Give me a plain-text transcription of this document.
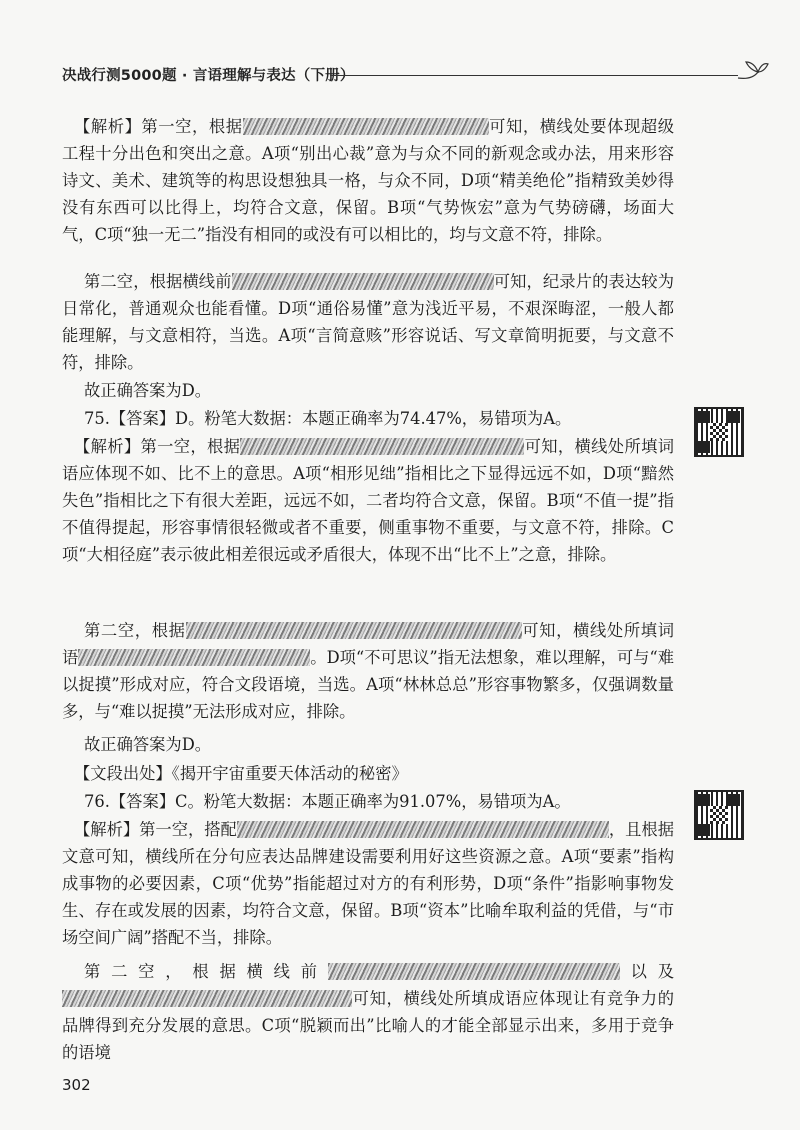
决战行测5000题 · 言语理解与表达（下册）
【解析】第一空，根据	可知，横线处要体现超级工程十分出色和突出之意。A项“别出心裁”意为与众不同的新观念或办法，用来形容诗文、美术、建筑等的构思设想独具一格，与众不同，D项“精美绝伦”指精致美妙得没有东西可以比得上，均符合文意，保留。B项“气势恢宏”意为气势磅礴，场面大气，C项“独一无二”指没有相同的或没有可以相比的，均与文意不符，排除。
第二空，根据横线前	可知，纪录片的表达较为日常化，普通观众也能看懂。D项“通俗易懂”意为浅近平易，不艰深晦涩，一般人都能理解，与文意相符，当选。A项“言简意赅”形容说话、写文章简明扼要，与文意不符，排除。
故正确答案为D。
75.【答案】D。粉笔大数据：本题正确率为74.47%，易错项为A。
【解析】第一空，根据	可知，横线处所填词语应体现不如、比不上的意思。A项“相形见绌”指相比之下显得远远不如，D项“黯然失色”指相比之下有很大差距，远远不如，二者均符合文意，保留。B项“不值一提”指不值得提起，形容事情很轻微或者不重要，侧重事物不重要，与文意不符，排除。C项“大相径庭”表示彼此相差很远或矛盾很大，体现不出“比不上”之意，排除。
第二空，根据	可知，横线处所填词语	。D项“不可思议”指无法想象，难以理解，可与“难以捉摸”形成对应，符合文段语境，当选。A项“林林总总”形容事物繁多，仅强调数量多，与“难以捉摸”无法形成对应，排除。
故正确答案为D。
【文段出处】《揭开宇宙重要天体活动的秘密》
76.【答案】C。粉笔大数据：本题正确率为91.07%，易错项为A。
【解析】第一空，搭配	，且根据文意可知，横线所在分句应表达品牌建设需要利用好这些资源之意。A项“要素”指构成事物的必要因素，C项“优势”指能超过对方的有利形势，D项“条件”指影响事物发生、存在或发展的因素，均符合文意，保留。B项“资本”比喻牟取利益的凭借，与“市场空间广阔”搭配不当，排除。
第二空，根据横线前	以及可知，横线处所填成语应体现让有竞争力的品牌得到充分发展的意思。C项“脱颖而出”比喻人的才能全部显示出来，多用于竞争的语境
302
